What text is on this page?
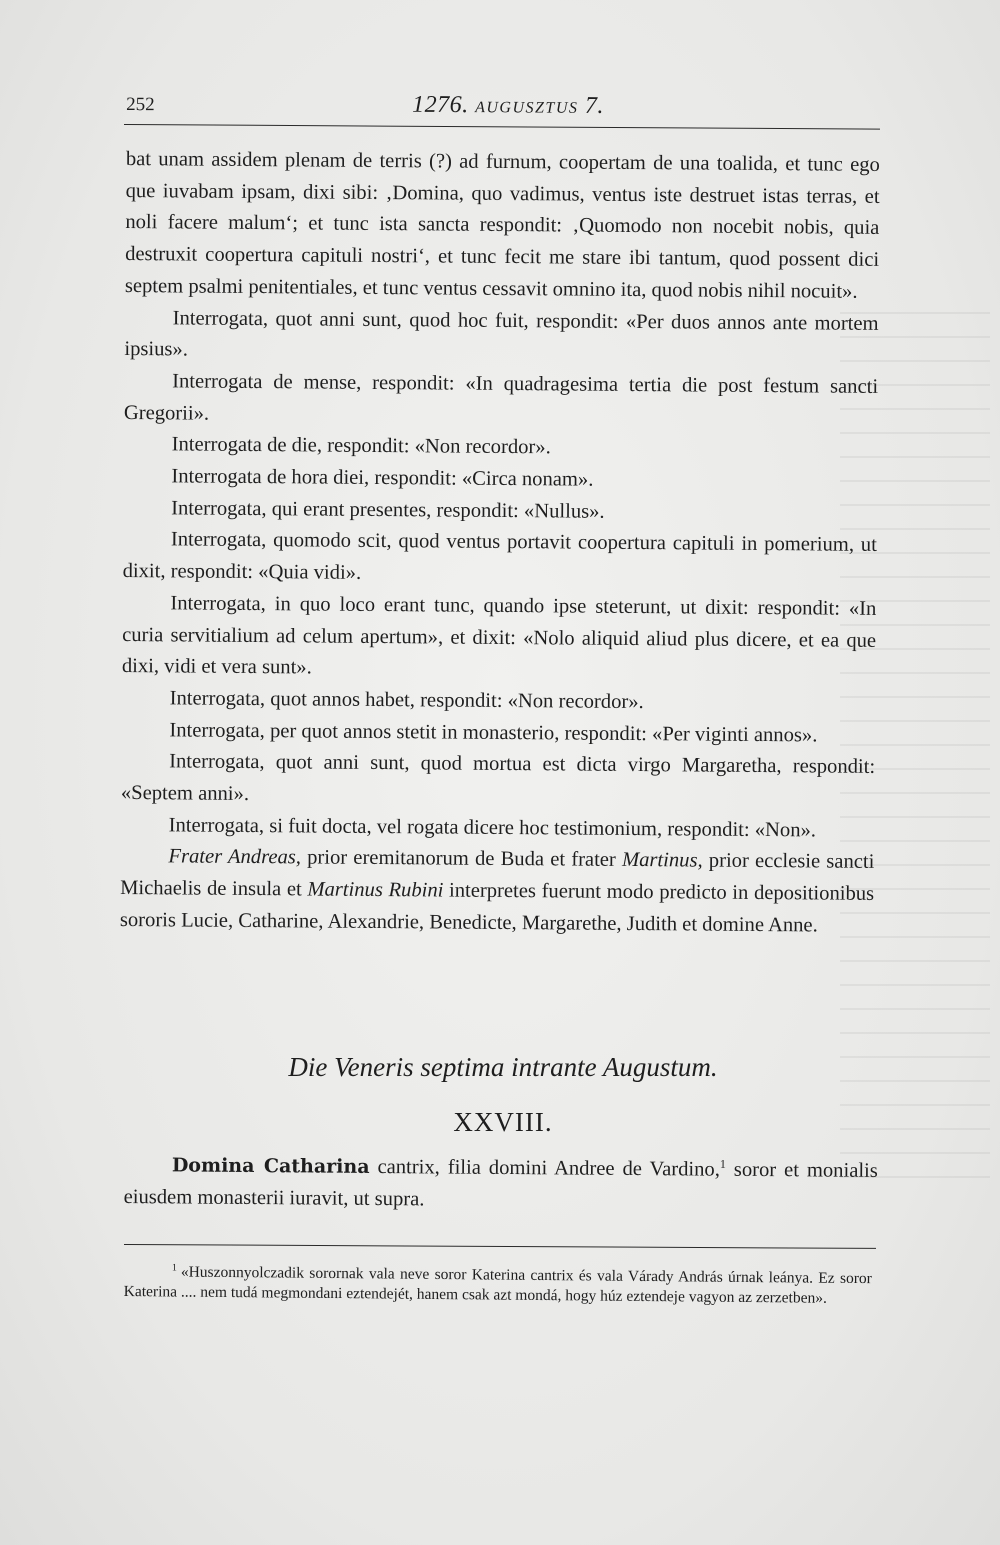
252	1276. AUGUSZTUS 7.

bat unam assidem plenam de terris (?) ad furnum, coopertam de una toalida, et tunc ego que iuvabam ipsam, dixi sibi: ‚Domina, quo vadimus, ventus iste destruet istas terras, et noli facere malum‘; et tunc ista sancta respondit: ‚Quomodo non nocebit nobis, quia destruxit coopertura capituli nostri‘, et tunc fecit me stare ibi tantum, quod possent dici septem psalmi penitentiales, et tunc ventus cessavit omnino ita, quod nobis nihil nocuit».

Interrogata, quot anni sunt, quod hoc fuit, respondit: «Per duos annos ante mortem ipsius».

Interrogata de mense, respondit: «In quadragesima tertia die post festum sancti Gregorii».

Interrogata de die, respondit: «Non recordor».

Interrogata de hora diei, respondit: «Circa nonam».

Interrogata, qui erant presentes, respondit: «Nullus».

Interrogata, quomodo scit, quod ventus portavit coopertura capituli in pomerium, ut dixit, respondit: «Quia vidi».

Interrogata, in quo loco erant tunc, quando ipse steterunt, ut dixit: respondit: «In curia servitialium ad celum apertum», et dixit: «Nolo aliquid aliud plus dicere, et ea que dixi, vidi et vera sunt».

Interrogata, quot annos habet, respondit: «Non recordor».

Interrogata, per quot annos stetit in monasterio, respondit: «Per viginti annos».

Interrogata, quot anni sunt, quod mortua est dicta virgo Margaretha, respondit: «Septem anni».

Interrogata, si fuit docta, vel rogata dicere hoc testimonium, respondit: «Non».

Frater Andreas, prior eremitanorum de Buda et frater Martinus, prior ecclesie sancti Michaelis de insula et Martinus Rubini interpretes fuerunt modo predicto in depositionibus sororis Lucie, Catharine, Alexandrie, Benedicte, Margarethe, Judith et domine Anne.

Die Veneris septima intrante Augustum.
XXVIII.

Domina Catharina cantrix, filia domini Andree de Vardino,$^1$ soror et monialis eiusdem monasterii iuravit, ut supra.

$^1$ «Huszonnyolczadik sorornak vala neve soror Katerina cantrix és vala Várady András úrnak leánya. Ez soror Katerina .... nem tudá megmondani eztendejét, hanem csak azt mondá, hogy húz eztendeje vagyon az zerzetben».
